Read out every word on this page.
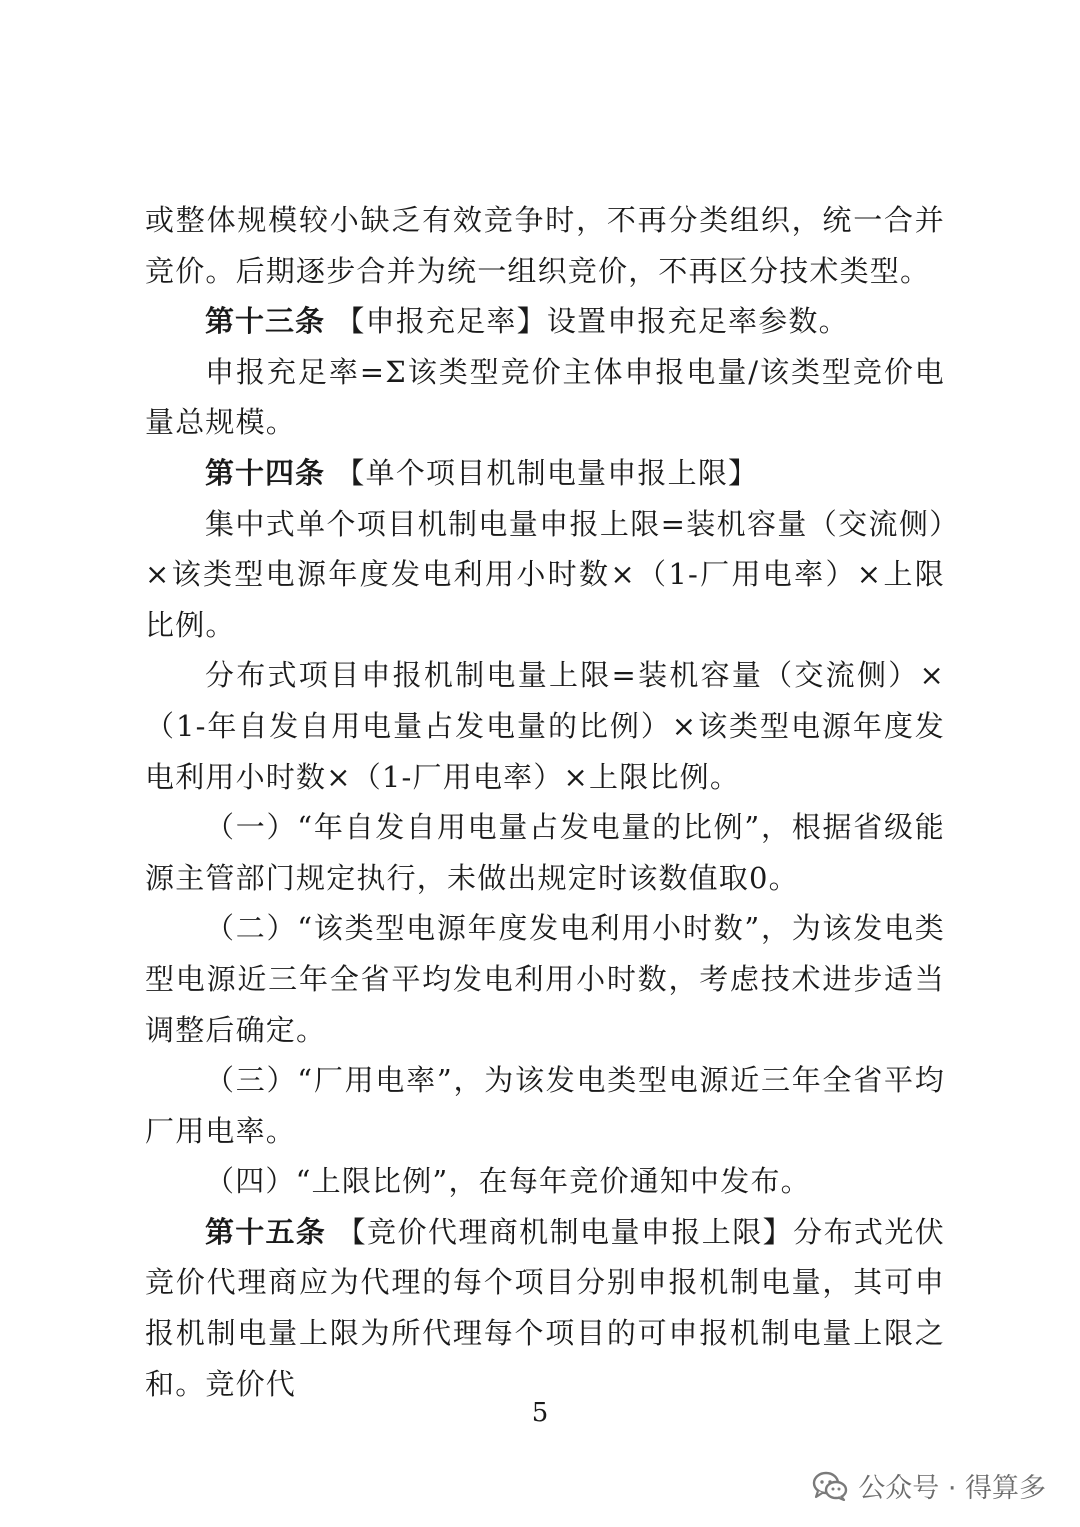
或整体规模较小缺乏有效竞争时，不再分类组织，统一合并竞价。后期逐步合并为统一组织竞价，不再区分技术类型。

第十三条 【申报充足率】设置申报充足率参数。

申报充足率=Σ该类型竞价主体申报电量/该类型竞价电量总规模。

第十四条 【单个项目机制电量申报上限】

集中式单个项目机制电量申报上限=装机容量（交流侧）×该类型电源年度发电利用小时数×（1-厂用电率）×上限比例。

分布式项目申报机制电量上限=装机容量（交流侧）×（1-年自发自用电量占发电量的比例）×该类型电源年度发电利用小时数×（1-厂用电率）×上限比例。

（一）“年自发自用电量占发电量的比例”，根据省级能源主管部门规定执行，未做出规定时该数值取0。

（二）“该类型电源年度发电利用小时数”，为该发电类型电源近三年全省平均发电利用小时数，考虑技术进步适当调整后确定。

（三）“厂用电率”，为该发电类型电源近三年全省平均厂用电率。

（四）“上限比例”，在每年竞价通知中发布。

第十五条 【竞价代理商机制电量申报上限】分布式光伏竞价代理商应为代理的每个项目分别申报机制电量，其可申报机制电量上限为所代理每个项目的可申报机制电量上限之和。竞价代

5
公众号 · 得算多
